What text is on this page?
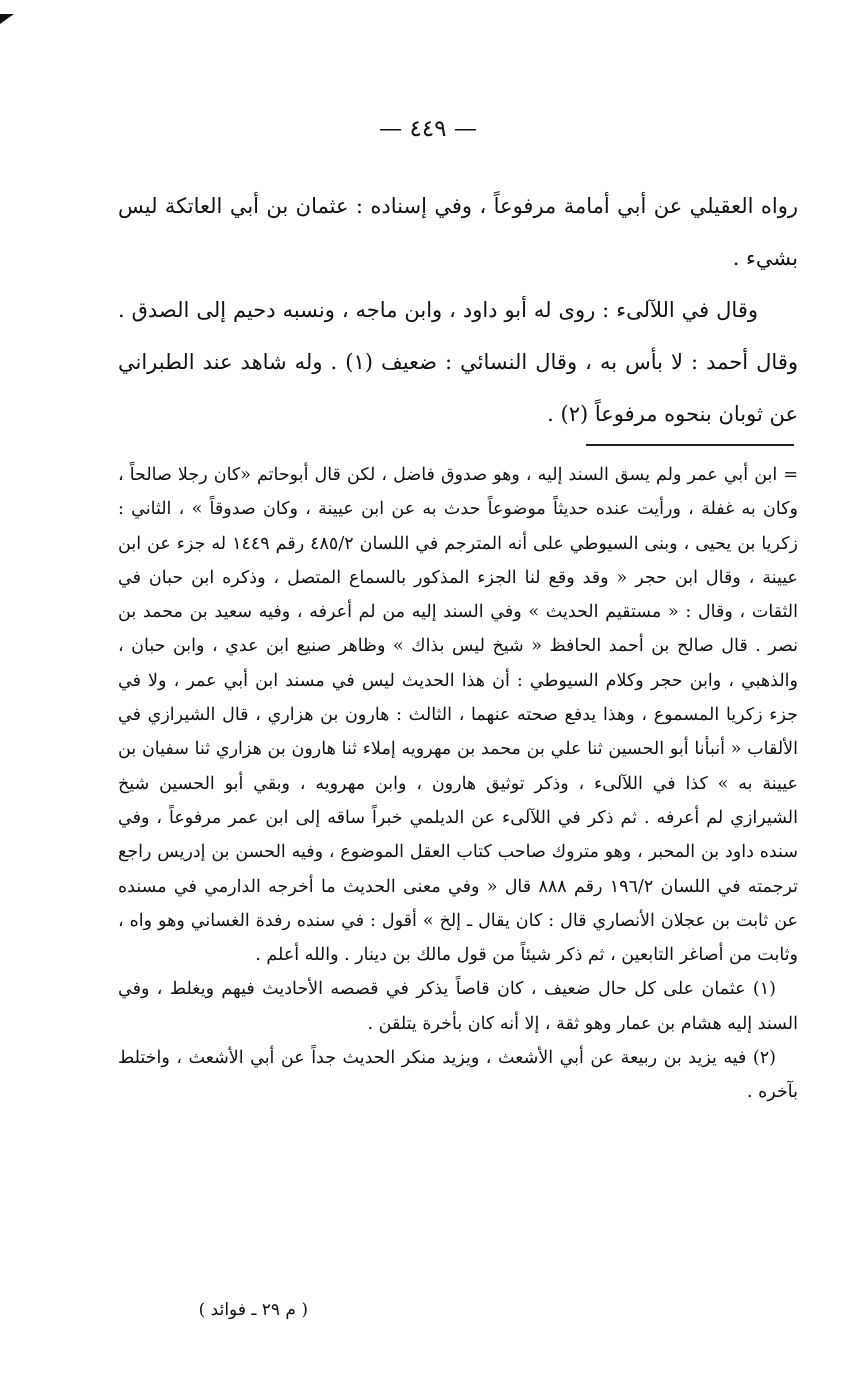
— ٤٤٩ —

رواه العقيلي عن أبي أمامة مرفوعاً ، وفي إسناده : عثمان بن أبي العاتكة ليس بشيء .

وقال في اللآلىء : روى له أبو داود ، وابن ماجه ، ونسبه دحيم إلى الصدق . وقال أحمد : لا بأس به ، وقال النسائي : ضعيف (١) . وله شاهد عند الطبراني عن ثوبان بنحوه مرفوعاً (٢) .

= ابن أبي عمر ولم يسق السند إليه ، وهو صدوق فاضل ، لكن قال أبوحاتم «كان رجلا صالحاً ، وكان به غفلة ، ورأيت عنده حديثاً موضوعاً حدث به عن ابن عيينة ، وكان صدوقاً » ، الثاني : زكريا بن يحيى ، وبنى السيوطي على أنه المترجم في اللسان ٤٨٥/٢ رقم ١٤٤٩ له جزء عن ابن عيينة ، وقال ابن حجر « وقد وقع لنا الجزء المذكور بالسماع المتصل ، وذكره ابن حبان في الثقات ، وقال : « مستقيم الحديث » وفي السند إليه من لم أعرفه ، وفيه سعيد بن محمد بن نصر . قال صالح بن أحمد الحافظ « شيخ ليس بذاك » وظاهر صنيع ابن عدي ، وابن حبان ، والذهبي ، وابن حجر وكلام السيوطي : أن هذا الحديث ليس في مسند ابن أبي عمر ، ولا في جزء زكريا المسموع ، وهذا يدفع صحته عنهما ، الثالث : هارون بن هزاري ، قال الشيرازي في الألقاب « أنبأنا أبو الحسين ثنا علي بن محمد بن مهرويه إملاء ثنا هارون بن هزاري ثنا سفيان بن عيينة به » كذا في اللآلىء ، وذكر توثيق هارون ، وابن مهرويه ، وبقي أبو الحسين شيخ الشيرازي لم أعرفه . ثم ذكر في اللآلىء عن الديلمي خبراً ساقه إلى ابن عمر مرفوعاً ، وفي سنده داود بن المحبر ، وهو متروك صاحب كتاب العقل الموضوع ، وفيه الحسن بن إدريس راجع ترجمته في اللسان ١٩٦/٢ رقم ٨٨٨ قال « وفي معنى الحديث ما أخرجه الدارمي في مسنده عن ثابت بن عجلان الأنصاري قال : كان يقال ـ إلخ » أقول : في سنده رفدة الغساني وهو واه ، وثابت من أصاغر التابعين ، ثم ذكر شيئاً من قول مالك بن دينار . والله أعلم .

(١) عثمان على كل حال ضعيف ، كان قاصاً يذكر في قصصه الأحاديث فيهم ويغلط ، وفي السند إليه هشام بن عمار وهو ثقة ، إلا أنه كان بأخرة يتلقن .

(٢) فيه يزيد بن ربيعة عن أبي الأشعث ، ويزيد منكر الحديث جداً عن أبي الأشعث ، واختلط بآخره .

( م ٢٩ ـ فوائد )
